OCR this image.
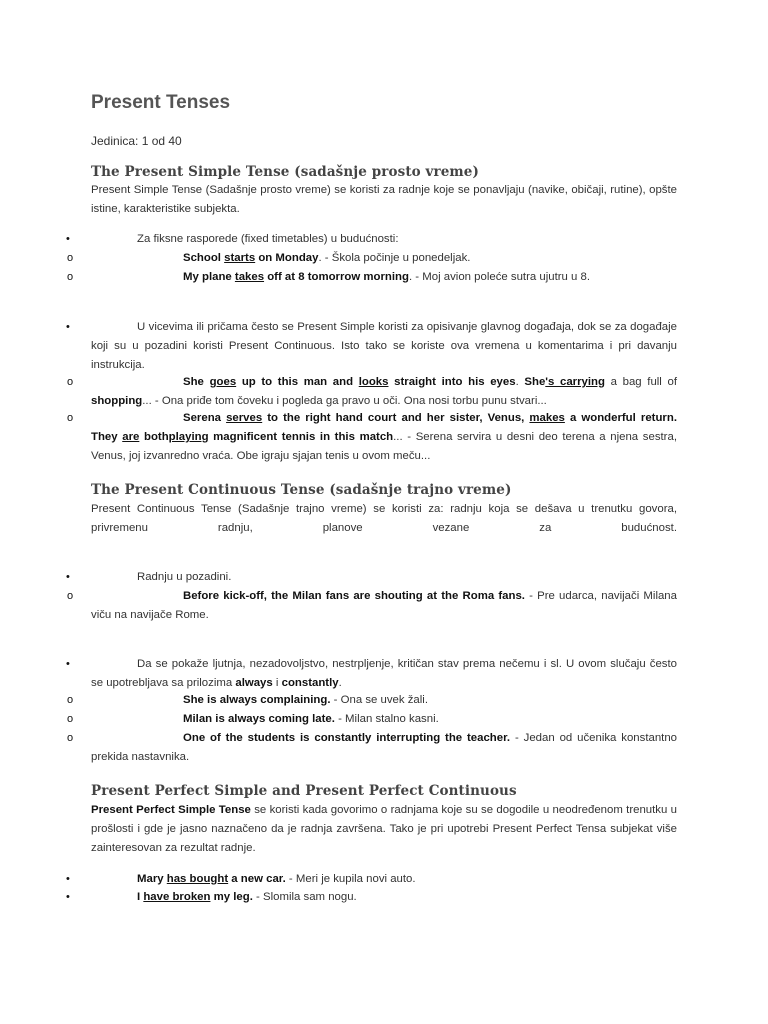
Present Tenses
Jedinica: 1 od 40
The Present Simple Tense (sadašnje prosto vreme)
Present Simple Tense (Sadašnje prosto vreme) se koristi za radnje koje se ponavljaju (navike, običaji, rutine), opšte istine, karakteristike subjekta.
•	Za fiksne rasporede (fixed timetables) u budućnosti:
o	School starts on Monday. - Škola počinje u ponedeljak.
o	My plane takes off at 8 tomorrow morning. - Moj avion poleće sutra ujutru u 8.
•	U vicevima ili pričama često se Present Simple koristi za opisivanje glavnog događaja, dok se za događaje koji su u pozadini koristi Present Continuous. Isto tako se koriste ova vremena u komentarima i pri davanju instrukcija.
o	She goes up to this man and looks straight into his eyes. She's carrying a bag full of shopping... - Ona priđe tom čoveku i pogleda ga pravo u oči. Ona nosi torbu punu stvari...
o	Serena serves to the right hand court and her sister, Venus, makes a wonderful return. They are bothplaying magnificent tennis in this match... - Serena servira u desni deo terena a njena sestra, Venus, joj izvanredno vraća. Obe igraju sjajan tenis u ovom meču...
The Present Continuous Tense (sadašnje trajno vreme)
Present Continuous Tense (Sadašnje trajno vreme) se koristi za: radnju koja se dešava u trenutku govora, privremenu radnju, planove vezane za budućnost.
•	Radnju u pozadini.
o	Before kick-off, the Milan fans are shouting at the Roma fans. - Pre udarca, navijači Milana viču na navijače Rome.
•	Da se pokaže ljutnja, nezadovoljstvo, nestrpljenje, kritičan stav prema nečemu i sl. U ovom slučaju često se upotrebljava sa prilozima always i constantly.
o	She is always complaining. - Ona se uvek žali.
o	Milan is always coming late. - Milan stalno kasni.
o	One of the students is constantly interrupting the teacher. - Jedan od učenika konstantno prekida nastavnika.
Present Perfect Simple and Present Perfect Continuous
Present Perfect Simple Tense se koristi kada govorimo o radnjama koje su se dogodile u neodređenom trenutku u prošlosti i gde je jasno naznačeno da je radnja završena. Tako je pri upotrebi Present Perfect Tensa subjekat više zainteresovan za rezultat radnje.
•	Mary has bought a new car. - Meri je kupila novi auto.
•	I have broken my leg. - Slomila sam nogu.
